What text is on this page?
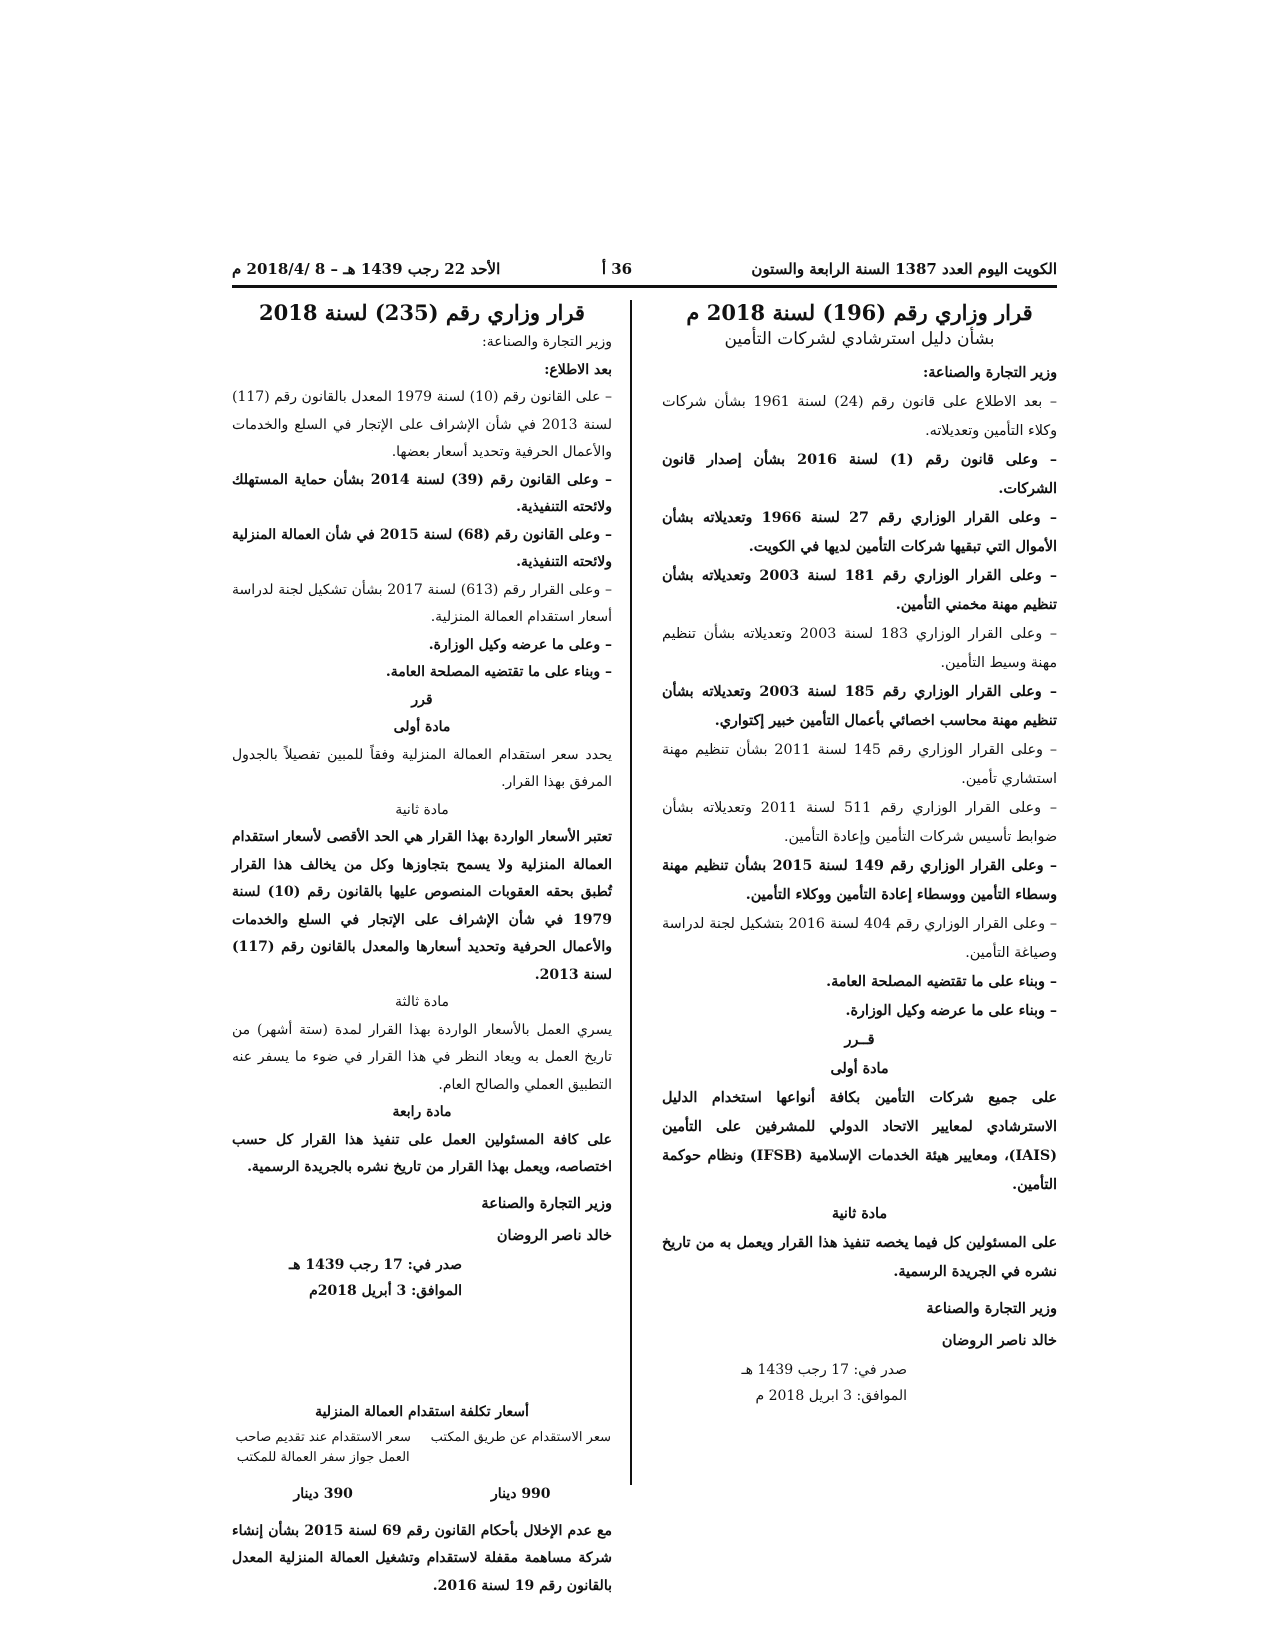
الكويت اليوم العدد 1387 السنة الرابعة والستون
36 أ
الأحد 22 رجب 1439 هـ – 8 /2018/4 م
قرار وزاري رقم (196) لسنة 2018 م
بشأن دليل استرشادي لشركات التأمين

وزير التجارة والصناعة:

– بعد الاطلاع على قانون رقم (24) لسنة 1961 بشأن شركات وكلاء التأمين وتعديلاته.

– وعلى قانون رقم (1) لسنة 2016 بشأن إصدار قانون الشركات.

– وعلى القرار الوزاري رقم 27 لسنة 1966 وتعديلاته بشأن الأموال التي تبقيها شركات التأمين لديها في الكويت.

– وعلى القرار الوزاري رقم 181 لسنة 2003 وتعديلاته بشأن تنظيم مهنة مخمني التأمين.

– وعلى القرار الوزاري 183 لسنة 2003 وتعديلاته بشأن تنظيم مهنة وسيط التأمين.

– وعلى القرار الوزاري رقم 185 لسنة 2003 وتعديلاته بشأن تنظيم مهنة محاسب اخصائي بأعمال التأمين خبير إكتواري.

– وعلى القرار الوزاري رقم 145 لسنة 2011 بشأن تنظيم مهنة استشاري تأمين.

– وعلى القرار الوزاري رقم 511 لسنة 2011 وتعديلاته بشأن ضوابط تأسيس شركات التأمين وإعادة التأمين.

– وعلى القرار الوزاري رقم 149 لسنة 2015 بشأن تنظيم مهنة وسطاء التأمين ووسطاء إعادة التأمين ووكلاء التأمين.

– وعلى القرار الوزاري رقم 404 لسنة 2016 بتشكيل لجنة لدراسة وصياغة التأمين.

– وبناء على ما تقتضيه المصلحة العامة.

– وبناء على ما عرضه وكيل الوزارة.

قــرر

مادة أولى

على جميع شركات التأمين بكافة أنواعها استخدام الدليل الاسترشادي لمعايير الاتحاد الدولي للمشرفين على التأمين (IAIS)، ومعايير هيئة الخدمات الإسلامية (IFSB) ونظام حوكمة التأمين.

مادة ثانية

على المسئولين كل فيما يخصه تنفيذ هذا القرار ويعمل به من تاريخ نشره في الجريدة الرسمية.

وزير التجارة والصناعة
خالد ناصر الروضان
صدر في: 17 رجب 1439 هـ
الموافق: 3 ابريل 2018 م
قرار وزاري رقم (235) لسنة 2018

وزير التجارة والصناعة:

بعد الاطلاع:

– على القانون رقم (10) لسنة 1979 المعدل بالقانون رقم (117) لسنة 2013 في شأن الإشراف على الإتجار في السلع والخدمات والأعمال الحرفية وتحديد أسعار بعضها.

– وعلى القانون رقم (39) لسنة 2014 بشأن حماية المستهلك ولائحته التنفيذية.

– وعلى القانون رقم (68) لسنة 2015 في شأن العمالة المنزلية ولائحته التنفيذية.

– وعلى القرار رقم (613) لسنة 2017 بشأن تشكيل لجنة لدراسة أسعار استقدام العمالة المنزلية.

– وعلى ما عرضه وكيل الوزارة.

– وبناء على ما تقتضيه المصلحة العامة.

قرر

مادة أولى

يحدد سعر استقدام العمالة المنزلية وفقاً للمبين تفصيلاً بالجدول المرفق بهذا القرار.

مادة ثانية

تعتبر الأسعار الواردة بهذا القرار هي الحد الأقصى لأسعار استقدام العمالة المنزلية ولا يسمح بتجاوزها وكل من يخالف هذا القرار تُطبق بحقه العقوبات المنصوص عليها بالقانون رقم (10) لسنة 1979 في شأن الإشراف على الإتجار في السلع والخدمات والأعمال الحرفية وتحديد أسعارها والمعدل بالقانون رقم (117) لسنة 2013.

مادة ثالثة

يسري العمل بالأسعار الواردة بهذا القرار لمدة (ستة أشهر) من تاريخ العمل به ويعاد النظر في هذا القرار في ضوء ما يسفر عنه التطبيق العملي والصالح العام.

مادة رابعة

على كافة المسئولين العمل على تنفيذ هذا القرار كل حسب اختصاصه، ويعمل بهذا القرار من تاريخ نشره بالجريدة الرسمية.

وزير التجارة والصناعة
خالد ناصر الروضان
صدر في: 17 رجب 1439 هـ
الموافق: 3 أبريل 2018م
أسعار تكلفة استقدام العمالة المنزلية
سعر الاستقدام عن طريق المكتب
سعر الاستقدام عند تقديم صاحب العمل جواز سفر العمالة للمكتب
990 دينار
390 دينار

مع عدم الإخلال بأحكام القانون رقم 69 لسنة 2015 بشأن إنشاء شركة مساهمة مقفلة لاستقدام وتشغيل العمالة المنزلية المعدل بالقانون رقم 19 لسنة 2016.
